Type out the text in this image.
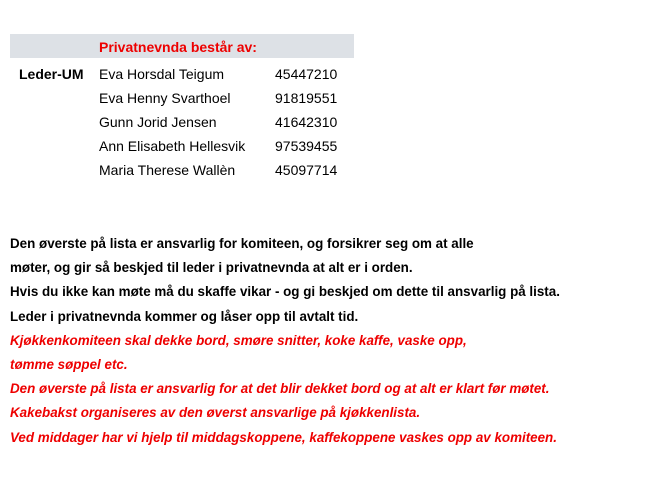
Privatnevnda består av:
Leder-UM Eva Horsdal Teigum	45447210
Eva Henny Svarthoel	91819551
Gunn Jorid Jensen	41642310
Ann Elisabeth Hellesvik 97539455
Maria Therese Wallèn	45097714
Den øverste på lista er ansvarlig for komiteen, og forsikrer seg om at alle
møter, og gir så beskjed til leder i privatnevnda at alt er i orden.
Hvis du ikke kan møte må du skaffe vikar - og gi beskjed om dette til ansvarlig på lista.
Leder i privatnevnda kommer og låser opp til avtalt tid.
Kjøkkenkomiteen skal dekke bord, smøre snitter, koke kaffe, vaske opp,
tømme søppel etc.
Den øverste på lista er ansvarlig for at det blir dekket bord og at alt er klart før møtet.
Kakebakst organiseres av den øverst ansvarlige på kjøkkenlista.
Ved middager har vi hjelp til middagskoppene, kaffekoppene vaskes opp av komiteen.
